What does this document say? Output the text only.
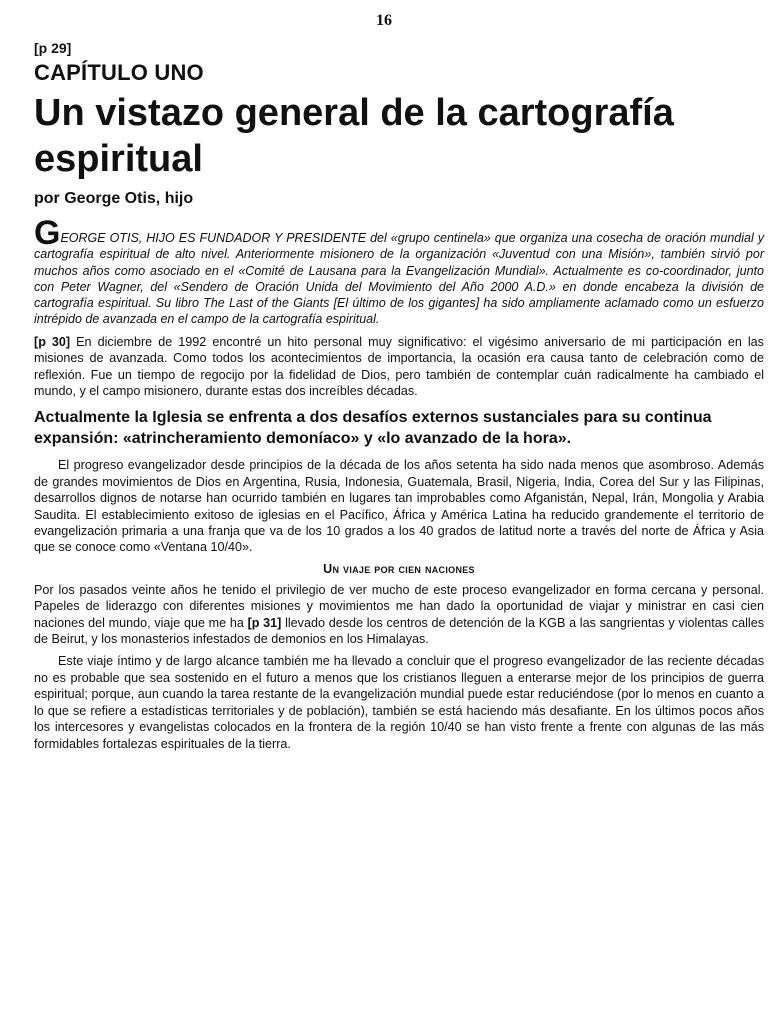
16

[p 29]

CAPÍTULO UNO

Un vistazo general de la cartografía espiritual

por George Otis, hijo

GEORGE OTIS, HIJO ES FUNDADOR Y PRESIDENTE del «grupo centinela» que organiza una cosecha de oración mundial y cartografía espiritual de alto nivel. Anteriormente misionero de la organización «Juventud con una Misión», también sirvió por muchos años como asociado en el «Comité de Lausana para la Evangelización Mundial». Actualmente es co-coordinador, junto con Peter Wagner, del «Sendero de Oración Unida del Movimiento del Año 2000 A.D.» en donde encabeza la división de cartografía espiritual. Su libro The Last of the Giants [El último de los gigantes] ha sido ampliamente aclamado como un esfuerzo intrépido de avanzada en el campo de la cartografía espiritual.

[p 30] En diciembre de 1992 encontré un hito personal muy significativo: el vigésimo aniversario de mi participación en las misiones de avanzada. Como todos los acontecimientos de importancia, la ocasión era causa tanto de celebración como de reflexión. Fue un tiempo de regocijo por la fidelidad de Dios, pero también de contemplar cuán radicalmente ha cambiado el mundo, y el campo misionero, durante estas dos increíbles décadas.

Actualmente la Iglesia se enfrenta a dos desafíos externos sustanciales para su continua expansión: «atrincheramiento demoníaco» y «lo avanzado de la hora».

El progreso evangelizador desde principios de la década de los años setenta ha sido nada menos que asombroso. Además de grandes movimientos de Dios en Argentina, Rusia, Indonesia, Guatemala, Brasil, Nigeria, India, Corea del Sur y las Filipinas, desarrollos dignos de notarse han ocurrido también en lugares tan improbables como Afganistán, Nepal, Irán, Mongolia y Arabia Saudita. El establecimiento exitoso de iglesias en el Pacífico, África y América Latina ha reducido grandemente el territorio de evangelización primaria a una franja que va de los 10 grados a los 40 grados de latitud norte a través del norte de África y Asia que se conoce como «Ventana 10/40».

Un viaje por cien naciones

Por los pasados veinte años he tenido el privilegio de ver mucho de este proceso evangelizador en forma cercana y personal. Papeles de liderazgo con diferentes misiones y movimientos me han dado la oportunidad de viajar y ministrar en casi cien naciones del mundo, viaje que me ha [p 31] llevado desde los centros de detención de la KGB a las sangrientas y violentas calles de Beirut, y los monasterios infestados de demonios en los Himalayas.

Este viaje íntimo y de largo alcance también me ha llevado a concluir que el progreso evangelizador de las reciente décadas no es probable que sea sostenido en el futuro a menos que los cristianos lleguen a enterarse mejor de los principios de guerra espiritual; porque, aun cuando la tarea restante de la evangelización mundial puede estar reduciéndose (por lo menos en cuanto a lo que se refiere a estadísticas territoriales y de población), también se está haciendo más desafiante. En los últimos pocos años los intercesores y evangelistas colocados en la frontera de la región 10/40 se han visto frente a frente con algunas de las más formidables fortalezas espirituales de la tierra.
